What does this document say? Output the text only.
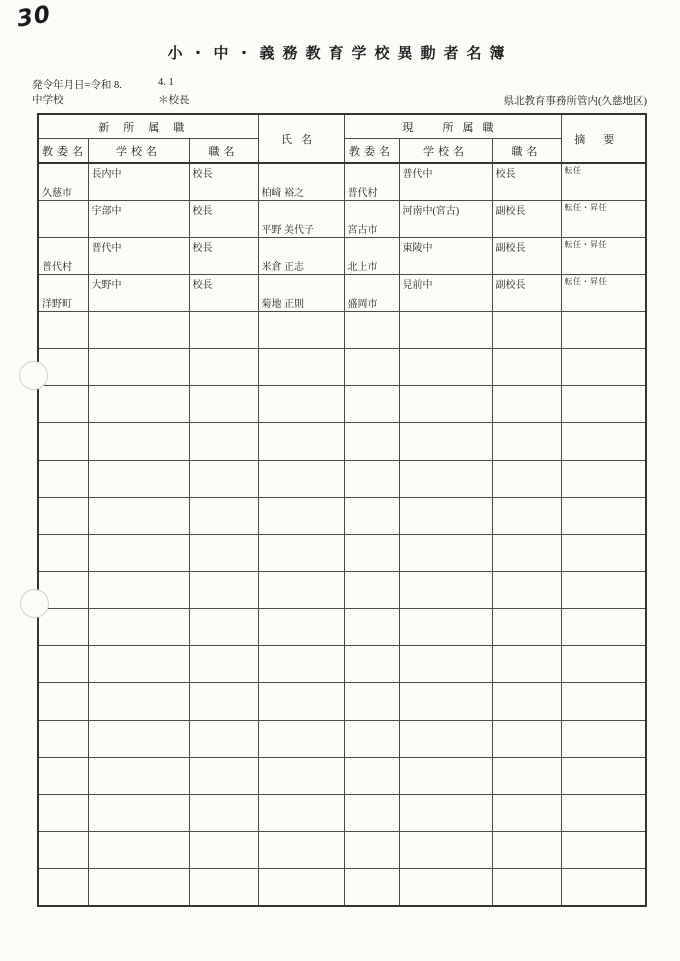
30
小・中・義務教育学校異動者名簿
発令年月日=令和 8.	4. 1
中学校	＊校長	県北教育事務所管内(久慈地区)
新所属職			氏名	現　所属職			摘要
教委名	学校名	職名		教委名	学校名	職名	
久慈市	長内中	校長	柏﨑 裕之	普代村	普代中	校長	転任
	宇部中	校長	平野 美代子	宮古市	河南中(宮古)	副校長	転任・昇任
普代村	普代中	校長	米倉 正志	北上市	東陵中	副校長	転任・昇任
洋野町	大野中	校長	菊地 正則	盛岡市	見前中	副校長	転任・昇任
